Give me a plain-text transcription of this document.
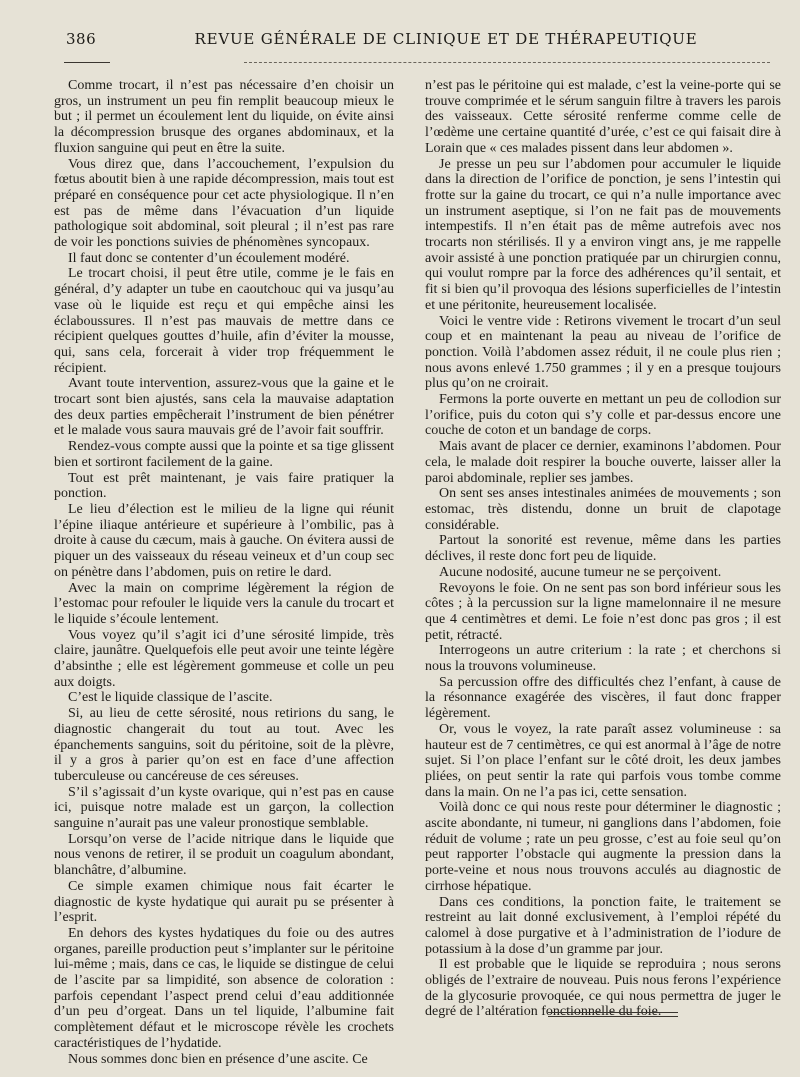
386	REVUE GÉNÉRALE DE CLINIQUE ET DE THÉRAPEUTIQUE

Comme trocart, il n’est pas nécessaire d’en choisir un gros, un instrument un peu fin remplit beaucoup mieux le but ; il permet un écoulement lent du liquide, on évite ainsi la décompression brusque des organes abdominaux, et la fluxion sanguine qui peut en être la suite.

Vous direz que, dans l’accouchement, l’expulsion du fœtus aboutit bien à une rapide décompression, mais tout est préparé en conséquence pour cet acte physiologique. Il n’en est pas de même dans l’évacuation d’un liquide pathologique soit abdominal, soit pleural ; il n’est pas rare de voir les ponctions suivies de phénomènes syncopaux.

Il faut donc se contenter d’un écoulement modéré.

Le trocart choisi, il peut être utile, comme je le fais en général, d’y adapter un tube en caoutchouc qui va jusqu’au vase où le liquide est reçu et qui empêche ainsi les éclaboussures. Il n’est pas mauvais de mettre dans ce récipient quelques gouttes d’huile, afin d’éviter la mousse, qui, sans cela, forcerait à vider trop fréquemment le récipient.

Avant toute intervention, assurez-vous que la gaine et le trocart sont bien ajustés, sans cela la mauvaise adaptation des deux parties empêcherait l’instrument de bien pénétrer et le malade vous saura mauvais gré de l’avoir fait souffrir.

Rendez-vous compte aussi que la pointe et sa tige glissent bien et sortiront facilement de la gaine.

Tout est prêt maintenant, je vais faire pratiquer la ponction.

Le lieu d’élection est le milieu de la ligne qui réunit l’épine iliaque antérieure et supérieure à l’ombilic, pas à droite à cause du cæcum, mais à gauche. On évitera aussi de piquer un des vaisseaux du réseau veineux et d’un coup sec on pénètre dans l’abdomen, puis on retire le dard.

Avec la main on comprime légèrement la région de l’estomac pour refouler le liquide vers la canule du trocart et le liquide s’écoule lentement.

Vous voyez qu’il s’agit ici d’une sérosité limpide, très claire, jaunâtre. Quelquefois elle peut avoir une teinte légère d’absinthe ; elle est légèrement gommeuse et colle un peu aux doigts.

C’est le liquide classique de l’ascite.

Si, au lieu de cette sérosité, nous retirions du sang, le diagnostic changerait du tout au tout. Avec les épanchements sanguins, soit du péritoine, soit de la plèvre, il y a gros à parier qu’on est en face d’une affection tuberculeuse ou cancéreuse de ces séreuses.

S’il s’agissait d’un kyste ovarique, qui n’est pas en cause ici, puisque notre malade est un garçon, la collection sanguine n’aurait pas une valeur pronostique semblable.

Lorsqu’on verse de l’acide nitrique dans le liquide que nous venons de retirer, il se produit un coagulum abondant, blanchâtre, d’albumine.

Ce simple examen chimique nous fait écarter le diagnostic de kyste hydatique qui aurait pu se présenter à l’esprit.

En dehors des kystes hydatiques du foie ou des autres organes, pareille production peut s’implanter sur le péritoine lui-même ; mais, dans ce cas, le liquide se distingue de celui de l’ascite par sa limpidité, son absence de coloration : parfois cependant l’aspect prend celui d’eau additionnée d’un peu d’orgeat. Dans un tel liquide, l’albumine fait complètement défaut et le microscope révèle les crochets caractéristiques de l’hydatide.

Nous sommes donc bien en présence d’une ascite. Ce

n’est pas le péritoine qui est malade, c’est la veine-porte qui se trouve comprimée et le sérum sanguin filtre à travers les parois des vaisseaux. Cette sérosité renferme comme celle de l’œdème une certaine quantité d’urée, c’est ce qui faisait dire à Lorain que « ces malades pissent dans leur abdomen ».

Je presse un peu sur l’abdomen pour accumuler le liquide dans la direction de l’orifice de ponction, je sens l’intestin qui frotte sur la gaine du trocart, ce qui n’a nulle importance avec un instrument aseptique, si l’on ne fait pas de mouvements intempestifs. Il n’en était pas de même autrefois avec nos trocarts non stérilisés. Il y a environ vingt ans, je me rappelle avoir assisté à une ponction pratiquée par un chirurgien connu, qui voulut rompre par la force des adhérences qu’il sentait, et fit si bien qu’il provoqua des lésions superficielles de l’intestin et une péritonite, heureusement localisée.

Voici le ventre vide : Retirons vivement le trocart d’un seul coup et en maintenant la peau au niveau de l’orifice de ponction. Voilà l’abdomen assez réduit, il ne coule plus rien ; nous avons enlevé 1.750 grammes ; il y en a presque toujours plus qu’on ne croirait.

Fermons la porte ouverte en mettant un peu de collodion sur l’orifice, puis du coton qui s’y colle et par-dessus encore une couche de coton et un bandage de corps.

Mais avant de placer ce dernier, examinons l’abdomen. Pour cela, le malade doit respirer la bouche ouverte, laisser aller la paroi abdominale, replier ses jambes.

On sent ses anses intestinales animées de mouvements ; son estomac, très distendu, donne un bruit de clapotage considérable.

Partout la sonorité est revenue, même dans les parties déclives, il reste donc fort peu de liquide.

Aucune nodosité, aucune tumeur ne se perçoivent.

Revoyons le foie. On ne sent pas son bord inférieur sous les côtes ; à la percussion sur la ligne mamelonnaire il ne mesure que 4 centimètres et demi. Le foie n’est donc pas gros ; il est petit, rétracté.

Interrogeons un autre criterium : la rate ; et cherchons si nous la trouvons volumineuse.

Sa percussion offre des difficultés chez l’enfant, à cause de la résonnance exagérée des viscères, il faut donc frapper légèrement.

Or, vous le voyez, la rate paraît assez volumineuse : sa hauteur est de 7 centimètres, ce qui est anormal à l’âge de notre sujet. Si l’on place l’enfant sur le côté droit, les deux jambes pliées, on peut sentir la rate qui parfois vous tombe comme dans la main. On ne l’a pas ici, cette sensation.

Voilà donc ce qui nous reste pour déterminer le diagnostic ; ascite abondante, ni tumeur, ni ganglions dans l’abdomen, foie réduit de volume ; rate un peu grosse, c’est au foie seul qu’on peut rapporter l’obstacle qui augmente la pression dans la porte-veine et nous nous trouvons acculés au diagnostic de cirrhose hépatique.

Dans ces conditions, la ponction faite, le traitement se restreint au lait donné exclusivement, à l’emploi répété du calomel à dose purgative et à l’administration de l’iodure de potassium à la dose d’un gramme par jour.

Il est probable que le liquide se reproduira ; nous serons obligés de l’extraire de nouveau. Puis nous ferons l’expérience de la glycosurie provoquée, ce qui nous permettra de juger le degré de l’altération fonctionnelle du foie.
